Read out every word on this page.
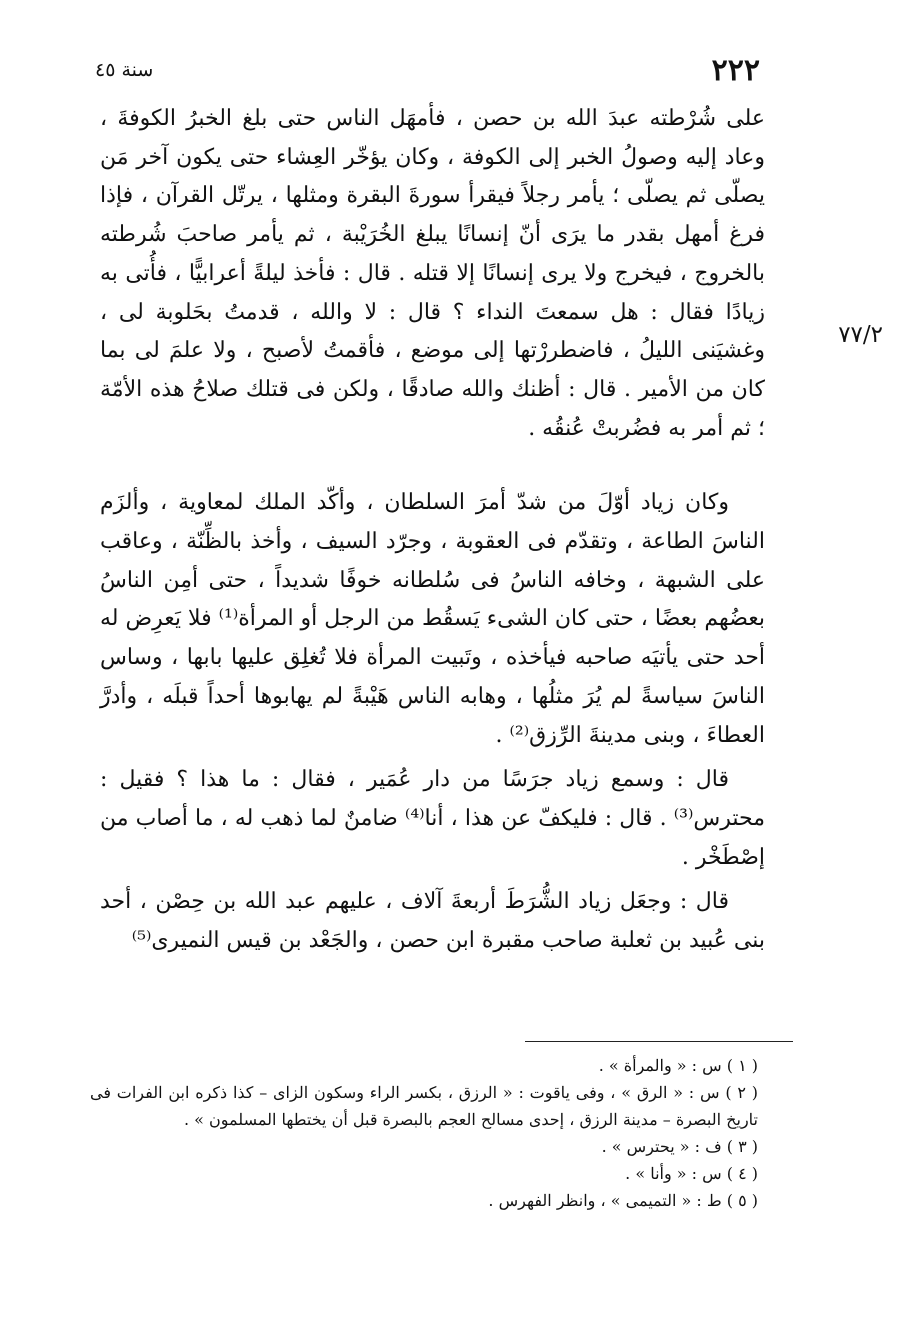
٢٢٢
سنة ٤٥
٧٧/٢

على شُرْطته عبدَ الله بن حصن ، فأمهَل الناس حتى بلغ الخبرُ الكوفةَ ، وعاد إليه وصولُ الخبر إلى الكوفة ، وكان يؤخّر العِشاء حتى يكون آخر مَن يصلّى ثم يصلّى ؛ يأمر رجلاً فيقرأ سورةَ البقرة ومثلها ، يرتّل القرآن ، فإذا فرغ أمهل بقدر ما يرَى أنّ إنسانًا يبلغ الخُرَيْبة ، ثم يأمر صاحبَ شُرطته بالخروج ، فيخرج ولا يرى إنسانًا إلا قتله . قال : فأخذ ليلةً أعرابيًّا ، فأُتى به زيادًا فقال : هل سمعتَ النداء ؟ قال : لا والله ، قدمتُ بحَلوبة لى ، وغشيَنى الليلُ ، فاضطررْتها إلى موضع ، فأقمتُ لأصبح ، ولا علمَ لى بما كان من الأمير . قال : أظنك والله صادقًا ، ولكن فى قتلك صلاحُ هذه الأمّة ؛ ثم أمر به فضُربتْ عُنقُه .

وكان زياد أوّلَ من شدّ أمرَ السلطان ، وأكّد الملك لمعاوية ، وألزَم الناسَ الطاعة ، وتقدّم فى العقوبة ، وجرّد السيف ، وأخذ بالظِّنّة ، وعاقب على الشبهة ، وخافه الناسُ فى سُلطانه خوفًا شديداً ، حتى أمِن الناسُ بعضُهم بعضًا ، حتى كان الشىء يَسقُط من الرجل أو المرأة⁽¹⁾ فلا يَعرِض له أحد حتى يأتيَه صاحبه فيأخذه ، وتَبيت المرأة فلا تُغلِق عليها بابها ، وساس الناسَ سياسةً لم يُرَ مثلُها ، وهابه الناس هَيْبةً لم يهابوها أحداً قبلَه ، وأدرَّ العطاءَ ، وبنى مدينةَ الرِّزق⁽²⁾ .

قال : وسمع زياد جرَسًا من دار عُمَير ، فقال : ما هذا ؟ فقيل : محترس⁽³⁾ . قال : فليكفّ عن هذا ، أنا⁽⁴⁾ ضامنٌ لما ذهب له ، ما أصاب من إصْطَخْر .

قال : وجعَل زياد الشُّرَطَ أربعةَ آلاف ، عليهم عبد الله بن حِصْن ، أحد بنى عُبيد بن ثعلبة صاحب مقبرة ابن حصن ، والجَعْد بن قيس النميرى⁽⁵⁾

( ١ ) س : « والمرأة » .

( ٢ ) س : « الرق » ، وفى ياقوت : « الرزق ، بكسر الراء وسكون الزاى – كذا ذكره ابن الفرات فى تاريخ البصرة – مدينة الرزق ، إحدى مسالح العجم بالبصرة قبل أن يختطها المسلمون » .

( ٣ ) ف : « يحترس » .

( ٤ ) س : « وأنا » .

( ٥ ) ط : « التميمى » ، وانظر الفهرس .
